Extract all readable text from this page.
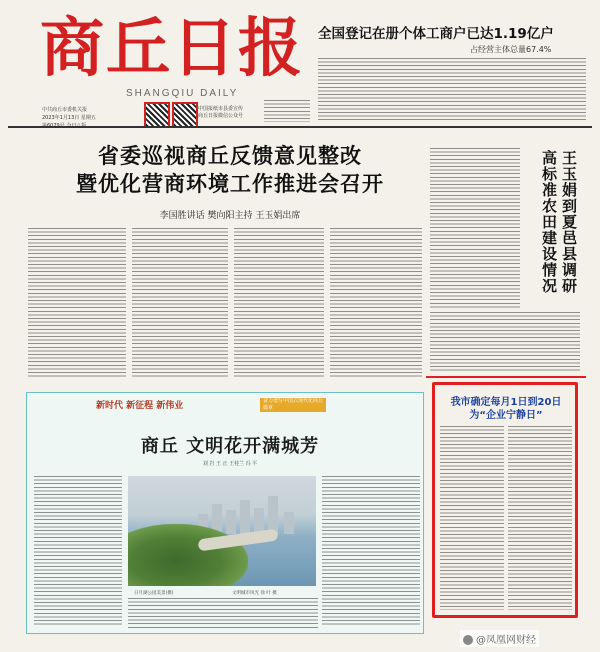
商丘日报
SHANGQIU DAILY
中共商丘市委机关报
2023年1月13日 星期五
中国报纸市县委宣传
商丘日报微信公众号
全国登记在册个体工商户已达1.19亿户
占经营主体总量67.4%
省委巡视商丘反馈意见整改
暨优化营商环境工作推进会召开
李国胜讲话 樊向阳主持 王玉娟出席	王玉娟到夏邑县调研
高标准农田建设情况
新时代 新征程 新伟业	奋力谱写中国式现代化商丘篇章
商丘 文明花开满城芳
刘 岩 王 正 王桂兰 冯 平
日月湖公园美景(摄)	文明城市风光 徐 叶 摄
我市确定每月1日到20日
为“企业宁静日”
@凤凰网财经
